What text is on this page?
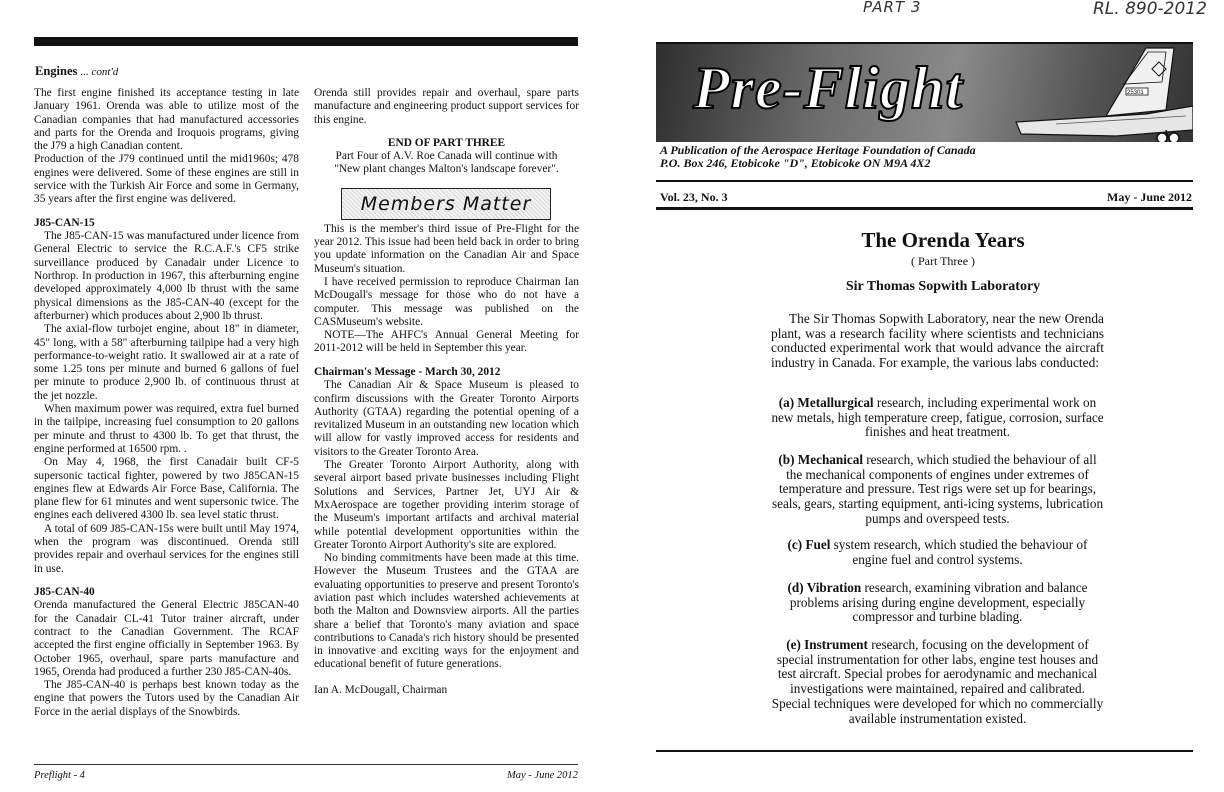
PART 3	RL. 890-2012
Engines ... cont'd

The first engine finished its acceptance testing in late January 1961. Orenda was able to utilize most of the Canadian companies that had manufactured accessories and parts for the Orenda and Iroquois programs, giving the J79 a high Canadian content.

Production of the J79 continued until the mid1960s; 478 engines were delivered. Some of these engines are still in service with the Turkish Air Force and some in Germany, 35 years after the first engine was delivered.

J85-CAN-15

The J85-CAN-15 was manufactured under licence from General Electric to service the R.C.A.F.'s CF5 strike surveillance produced by Canadair under Licence to Northrop. In production in 1967, this afterburning engine developed approximately 4,000 lb thrust with the same physical dimensions as the J85-CAN-40 (except for the afterburner) which produces about 2,900 lb thrust.

The axial-flow turbojet engine, about 18" in diameter, 45" long, with a 58" afterburning tailpipe had a very high performance-to-weight ratio. It swallowed air at a rate of some 1.25 tons per minute and burned 6 gallons of fuel per minute to produce 2,900 lb. of continuous thrust at the jet nozzle.

When maximum power was required, extra fuel burned in the tailpipe, increasing fuel consumption to 20 gallons per minute and thrust to 4300 lb. To get that thrust, the engine performed at 16500 rpm. .

On May 4, 1968, the first Canadair built CF-5 supersonic tactical fighter, powered by two J85CAN-15 engines flew at Edwards Air Force Base, California. The plane flew for 61 minutes and went supersonic twice. The engines each delivered 4300 lb. sea level static thrust.

A total of 609 J85-CAN-15s were built until May 1974, when the program was discontinued. Orenda still provides repair and overhaul services for the engines still in use.

J85-CAN-40

Orenda manufactured the General Electric J85CAN-40 for the Canadair CL-41 Tutor trainer aircraft, under contract to the Canadian Government. The RCAF accepted the first engine officially in September 1963. By October 1965, overhaul, spare parts manufacture and 1965, Orenda had produced a further 230 J85-CAN-40s.

The J85-CAN-40 is perhaps best known today as the engine that powers the Tutors used by the Canadian Air Force in the aerial displays of the Snowbirds.

Orenda still provides repair and overhaul, spare parts manufacture and engineering product support services for this engine.

END OF PART THREE

Part Four of A.V. Roe Canada will continue with

"New plant changes Malton's landscape forever".

This is the member's third issue of Pre-Flight for the year 2012. This issue had been held back in order to bring you update information on the Canadian Air and Space Museum's situation.

I have received permission to reproduce Chairman Ian McDougall's message for those who do not have a computer. This message was published on the CASMuseum's website.

NOTE—The AHFC's Annual General Meeting for 2011-2012 will be held in September this year.

Chairman's Message - March 30, 2012

The Canadian Air & Space Museum is pleased to confirm discussions with the Greater Toronto Airports Authority (GTAA) regarding the potential opening of a revitalized Museum in an outstanding new location which will allow for vastly improved access for residents and visitors to the Greater Toronto Area.

The Greater Toronto Airport Authority, along with several airport based private businesses including Flight Solutions and Services, Partner Jet, UYJ Air & MxAerospace are together providing interim storage of the Museum's important artifacts and archival material while potential development opportunities within the Greater Toronto Airport Authority's site are explored.

No binding commitments have been made at this time. However the Museum Trustees and the GTAA are evaluating opportunities to preserve and present Toronto's aviation past which includes watershed achievements at both the Malton and Downsview airports. All the parties share a belief that Toronto's many aviation and space contributions to Canada's rich history should be presented in innovative and exciting ways for the enjoyment and educational benefit of future generations.

Ian A. McDougall, Chairman

Members Matter
Preflight - 4	May - June 2012
Pre-Flight	25301
A Publication of the Aerospace Heritage Foundation of Canada
P.O. Box 246, Etobicoke "D", Etobicoke ON M9A 4X2
Vol. 23, No. 3	May - June 2012
The Orenda Years
( Part Three )
Sir Thomas Sopwith Laboratory
The Sir Thomas Sopwith Laboratory, near the new Orenda plant, was a research facility where scientists and technicians conducted experimental work that would advance the aircraft industry in Canada. For example, the various labs conducted:
(a) Metallurgical research, including experimental work on new metals, high temperature creep, fatigue, corrosion, surface finishes and heat treatment.
(b) Mechanical research, which studied the behaviour of all the mechanical components of engines under extremes of temperature and pressure. Test rigs were set up for bearings, seals, gears, starting equipment, anti-icing systems, lubrication pumps and overspeed tests.
(c) Fuel system research, which studied the behaviour of engine fuel and control systems.
(d) Vibration research, examining vibration and balance problems arising during engine development, especially compressor and turbine blading.
(e) Instrument research, focusing on the development of special instrumentation for other labs, engine test houses and test aircraft. Special probes for aerodynamic and mechanical investigations were maintained, repaired and calibrated. Special techniques were developed for which no commercially available instrumentation existed.
